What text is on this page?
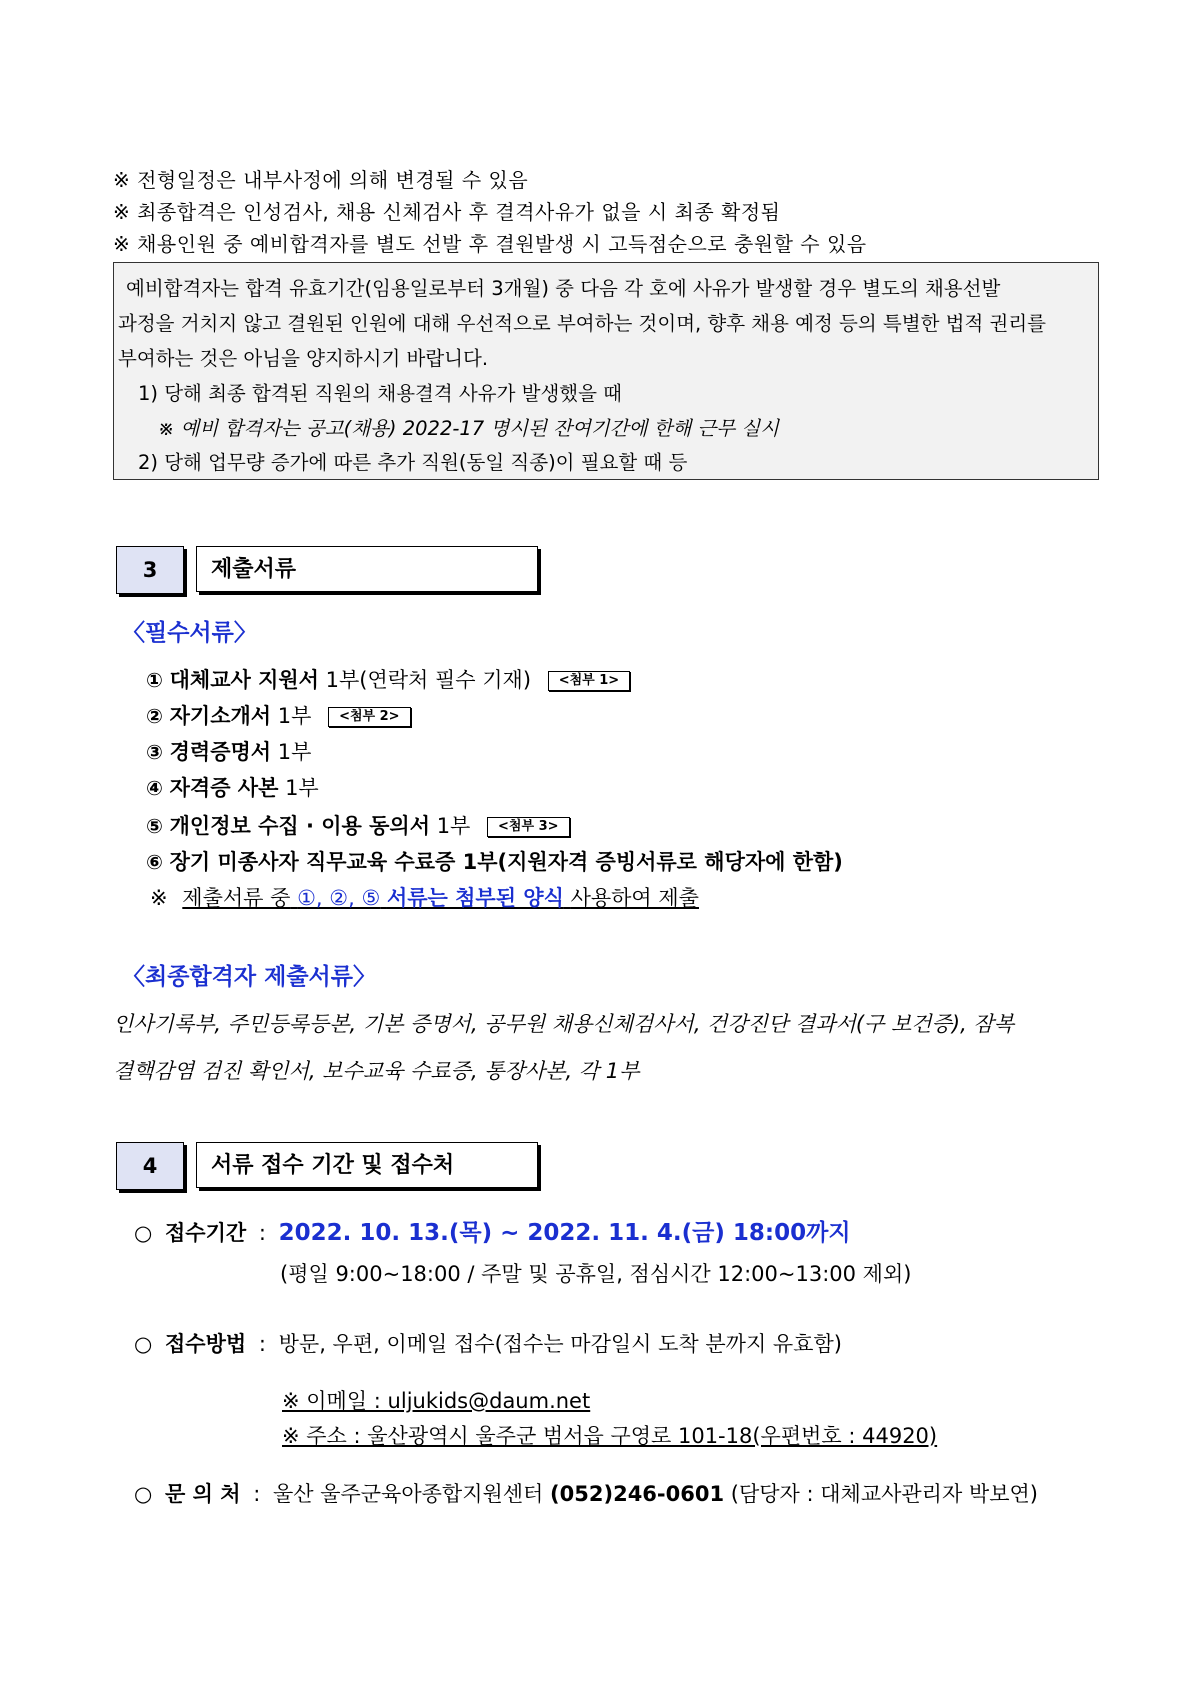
※ 전형일정은 내부사정에 의해 변경될 수 있음
※ 최종합격은 인성검사, 채용 신체검사 후 결격사유가 없을 시 최종 확정됨
※ 채용인원 중 예비합격자를 별도 선발 후 결원발생 시 고득점순으로 충원할 수 있음
예비합격자는 합격 유효기간(임용일로부터 3개월) 중 다음 각 호에 사유가 발생할 경우 별도의 채용선발
과정을 거치지 않고 결원된 인원에 대해 우선적으로 부여하는 것이며, 향후 채용 예정 등의 특별한 법적 권리를
부여하는 것은 아님을 양지하시기 바랍니다.
1) 당해 최종 합격된 직원의 채용결격 사유가 발생했을 때
※ 예비 합격자는 공고(채용) 2022-17 명시된 잔여기간에 한해 근무 실시
2) 당해 업무량 증가에 따른 추가 직원(동일 직종)이 필요할 때 등
3	제출서류
〈필수서류〉
① 대체교사 지원서 1부(연락처 필수 기재) <첨부 1>
② 자기소개서 1부 <첨부 2>
③ 경력증명서 1부
④ 자격증 사본 1부
⑤ 개인정보 수집 · 이용 동의서 1부 <첨부 3>
⑥ 장기 미종사자 직무교육 수료증 1부(지원자격 증빙서류로 해당자에 한함)
※ 제출서류 중 ①, ②, ⑤ 서류는 첨부된 양식 사용하여 제출
〈최종합격자 제출서류〉
인사기록부, 주민등록등본, 기본 증명서, 공무원 채용신체검사서, 건강진단 결과서(구 보건증), 잠복
결핵감염 검진 확인서, 보수교육 수료증, 통장사본, 각 1부
4	서류 접수 기간 및 접수처
○ 접수기간 : 2022. 10. 13.(목) ~ 2022. 11. 4.(금) 18:00까지
(평일 9:00~18:00 / 주말 및 공휴일, 점심시간 12:00~13:00 제외)
○ 접수방법 : 방문, 우편, 이메일 접수(접수는 마감일시 도착 분까지 유효함)
※ 이메일 : uljukids@daum.net
※ 주소 : 울산광역시 울주군 범서읍 구영로 101-18(우편번호 : 44920)
○ 문 의 처 : 울산 울주군육아종합지원센터 (052)246-0601 (담당자 : 대체교사관리자 박보연)
